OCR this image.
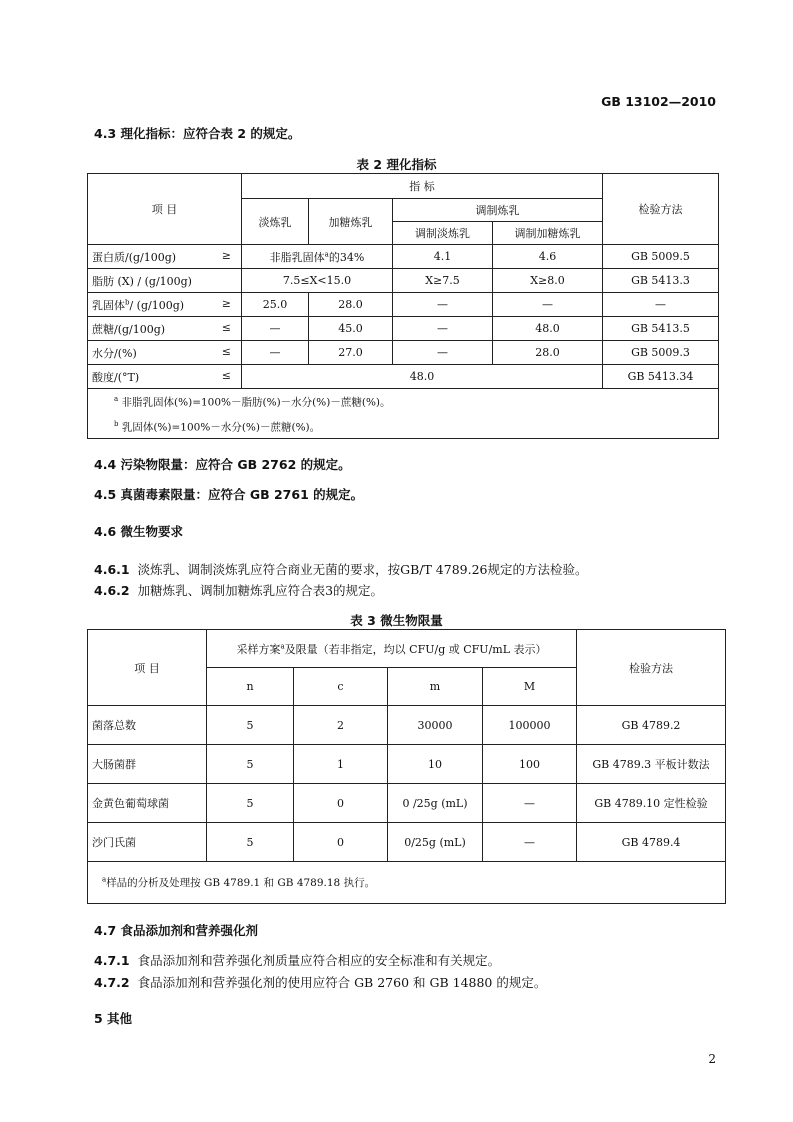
GB 13102—2010
4.3 理化指标：应符合表 2 的规定。
表 2 理化指标
项 目	指 标				检验方法
	淡炼乳	加糖炼乳	调制炼乳		
			调制淡炼乳	调制加糖炼乳	

蛋白质/(g/100g) ≥	非脂乳固体$^a$的34%		4.1	4.6	GB 5009.5
脂肪 (X) / (g/100g)	7.5≤X<15.0		X≥7.5	X≥8.0	GB 5413.3

乳固体$^b$/ (g/100g) ≥	25.0	28.0	—	—	—

蔗糖/(g/100g) ≤	—	45.0	—	48.0	GB 5413.5

水分/(%) ≤	—	27.0	—	28.0	GB 5009.3

酸度/(°T) ≤	48.0				GB 5413.34

$^a$ 非脂乳固体(%)=100%－脂肪(%)－水分(%)－蔗糖(%)。
$^b$ 乳固体(%)=100%－水分(%)－蔗糖(%)。					
4.4 污染物限量：应符合 GB 2762 的规定。
4.5 真菌毒素限量：应符合 GB 2761 的规定。
4.6 微生物要求
4.6.1 淡炼乳、调制淡炼乳应符合商业无菌的要求，按GB/T 4789.26规定的方法检验。
4.6.2 加糖炼乳、调制加糖炼乳应符合表3的规定。
表 3 微生物限量
项 目	采样方案$^a$及限量（若非指定，均以 CFU/g 或 CFU/mL 表示）				检验方法
	n	c	m	M	
菌落总数	5	2	30000	100000	GB 4789.2
大肠菌群	5	1	10	100	GB 4789.3 平板计数法
金黄色葡萄球菌	5	0	0 /25g (mL)	—	GB 4789.10 定性检验
沙门氏菌	5	0	0/25g (mL)	—	GB 4789.4
$^a$样品的分析及处理按 GB 4789.1 和 GB 4789.18 执行。					
4.7 食品添加剂和营养强化剂
4.7.1 食品添加剂和营养强化剂质量应符合相应的安全标准和有关规定。
4.7.2 食品添加剂和营养强化剂的使用应符合 GB 2760 和 GB 14880 的规定。
5 其他
2
